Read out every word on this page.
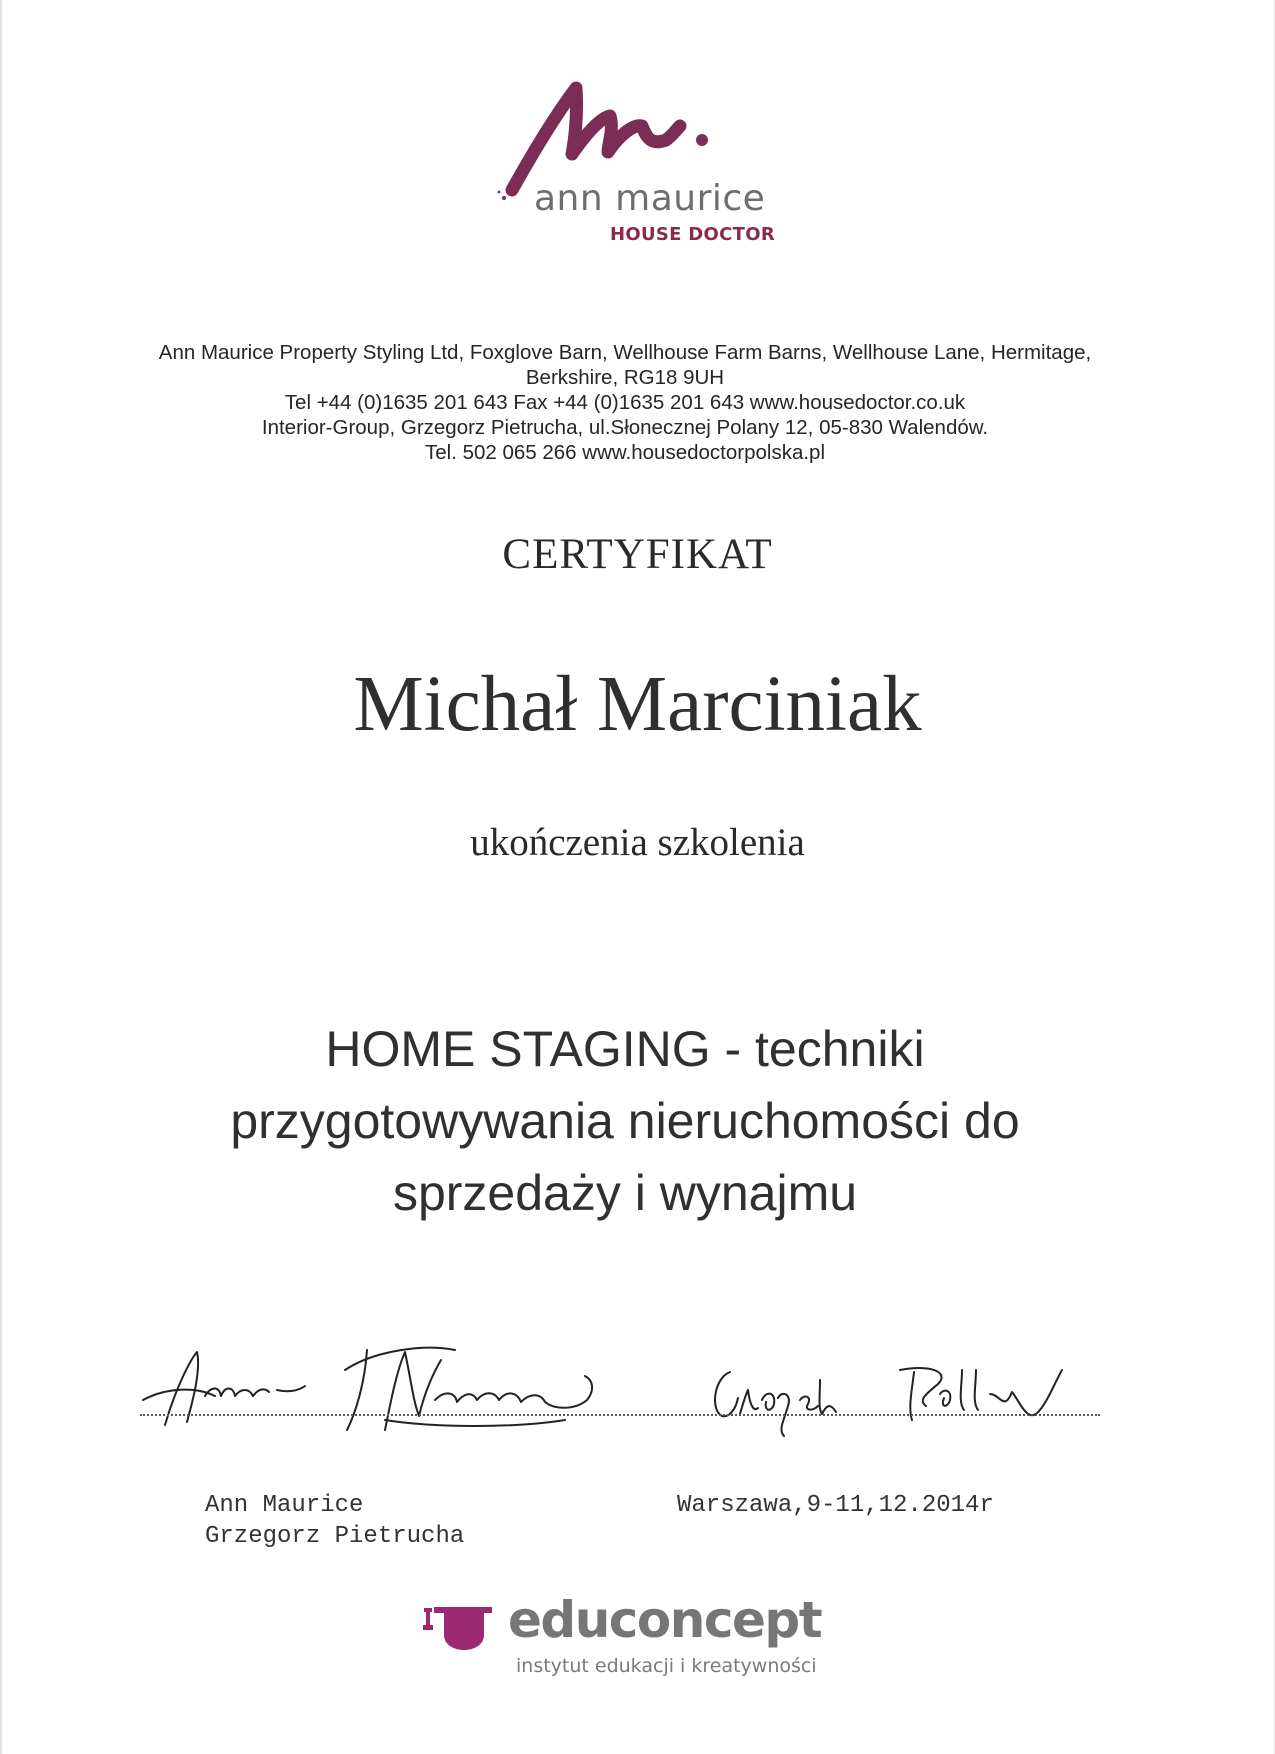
ann maurice
HOUSE DOCTOR
Ann Maurice Property Styling Ltd, Foxglove Barn, Wellhouse Farm Barns, Wellhouse Lane, Hermitage,
Berkshire, RG18 9UH
Tel +44 (0)1635 201 643 Fax +44 (0)1635 201 643 www.housedoctor.co.uk
Interior-Group, Grzegorz Pietrucha, ul.Słonecznej Polany 12, 05-830 Walendów.
Tel. 502 065 266 www.housedoctorpolska.pl
CERTYFIKAT
Michał Marciniak
ukończenia szkolenia
HOME STAGING - techniki
przygotowywania nieruchomości do
sprzedaży i wynajmu
Ann Maurice
Grzegorz Pietrucha
Warszawa,9-11,12.2014r
educoncept
instytut edukacji i kreatywności
